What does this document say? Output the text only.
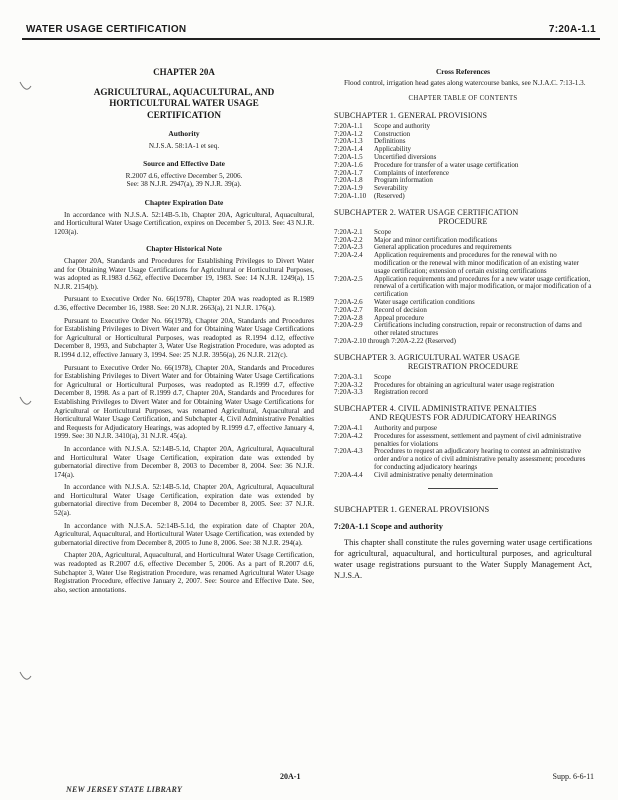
WATER USAGE CERTIFICATION	7:20A-1.1
CHAPTER 20A
AGRICULTURAL, AQUACULTURAL, AND
HORTICULTURAL WATER USAGE
CERTIFICATION
Authority
N.J.S.A. 58:1A-1 et seq.
Source and Effective Date
R.2007 d.6, effective December 5, 2006.
See: 38 N.J.R. 2947(a), 39 N.J.R. 39(a).
Chapter Expiration Date

In accordance with N.J.S.A. 52:14B-5.1b, Chapter 20A, Agricultural, Aquacultural, and Horticultural Water Usage Certification, expires on December 5, 2013. See: 43 N.J.R. 1203(a).

Chapter Historical Note

Chapter 20A, Standards and Procedures for Establishing Privileges to Divert Water and for Obtaining Water Usage Certifications for Agricultural or Horticultural Purposes, was adopted as R.1983 d.562, effective December 19, 1983. See: 14 N.J.R. 1249(a), 15 N.J.R. 2154(b).

Pursuant to Executive Order No. 66(1978), Chapter 20A was readopted as R.1989 d.36, effective December 16, 1988. See: 20 N.J.R. 2663(a), 21 N.J.R. 176(a).

Pursuant to Executive Order No. 66(1978), Chapter 20A, Standards and Procedures for Establishing Privileges to Divert Water and for Obtaining Water Usage Certifications for Agricultural or Horticultural Purposes, was readopted as R.1994 d.12, effective December 8, 1993, and Subchapter 3, Water Use Registration Procedure, was adopted as R.1994 d.12, effective January 3, 1994. See: 25 N.J.R. 3956(a), 26 N.J.R. 212(c).

Pursuant to Executive Order No. 66(1978), Chapter 20A, Standards and Procedures for Establishing Privileges to Divert Water and for Obtaining Water Usage Certifications for Agricultural or Horticultural Purposes, was readopted as R.1999 d.7, effective December 8, 1998. As a part of R.1999 d.7, Chapter 20A, Standards and Procedures for Establishing Privileges to Divert Water and for Obtaining Water Usage Certifications for Agricultural or Horticultural Purposes, was renamed Agricultural, Aquacultural and Horticultural Water Usage Certification, and Subchapter 4, Civil Administrative Penalties and Requests for Adjudicatory Hearings, was adopted by R.1999 d.7, effective January 4, 1999. See: 30 N.J.R. 3410(a), 31 N.J.R. 45(a).

In accordance with N.J.S.A. 52:14B-5.1d, Chapter 20A, Agricultural, Aquacultural and Horticultural Water Usage Certification, expiration date was extended by gubernatorial directive from December 8, 2003 to December 8, 2004. See: 36 N.J.R. 174(a).

In accordance with N.J.S.A. 52:14B-5.1d, Chapter 20A, Agricultural, Aquacultural and Horticultural Water Usage Certification, expiration date was extended by gubernatorial directive from December 8, 2004 to December 8, 2005. See: 37 N.J.R. 52(a).

In accordance with N.J.S.A. 52:14B-5.1d, the expiration date of Chapter 20A, Agricultural, Aquacultural, and Horticultural Water Usage Certification, was extended by gubernatorial directive from December 8, 2005 to June 8, 2006. See: 38 N.J.R. 294(a).

Chapter 20A, Agricultural, Aquacultural, and Horticultural Water Usage Certification, was readopted as R.2007 d.6, effective December 5, 2006. As a part of R.2007 d.6, Subchapter 3, Water Use Registration Procedure, was renamed Agricultural Water Usage Registration Procedure, effective January 2, 2007. See: Source and Effective Date. See, also, section annotations.

Cross References

Flood control, irrigation head gates along watercourse banks, see N.J.A.C. 7:13-1.3.

CHAPTER TABLE OF CONTENTS
SUBCHAPTER 1. GENERAL PROVISIONS
7:20A-1.1	Scope and authority
7:20A-1.2	Construction
7:20A-1.3	Definitions
7:20A-1.4	Applicability
7:20A-1.5	Uncertified diversions
7:20A-1.6	Procedure for transfer of a water usage certification
7:20A-1.7	Complaints of interference
7:20A-1.8	Program information
7:20A-1.9	Severability
7:20A-1.10	(Reserved)
SUBCHAPTER 2. WATER USAGE CERTIFICATION
PROCEDURE
7:20A-2.1	Scope
7:20A-2.2	Major and minor certification modifications
7:20A-2.3	General application procedures and requirements
7:20A-2.4	Application requirements and procedures for the renewal with no modification or the renewal with minor modification of an existing water usage certification; extension of certain existing certifications
7:20A-2.5	Application requirements and procedures for a new water usage certification, renewal of a certification with major modification, or major modification of a certification
7:20A-2.6	Water usage certification conditions
7:20A-2.7	Record of decision
7:20A-2.8	Appeal procedure
7:20A-2.9	Certifications including construction, repair or reconstruction of dams and other related structures
7:20A-2.10 through 7:20A-2.22 (Reserved)
SUBCHAPTER 3. AGRICULTURAL WATER USAGE
REGISTRATION PROCEDURE
7:20A-3.1	Scope
7:20A-3.2	Procedures for obtaining an agricultural water usage registration
7:20A-3.3	Registration record
SUBCHAPTER 4. CIVIL ADMINISTRATIVE PENALTIES
AND REQUESTS FOR ADJUDICATORY HEARINGS
7:20A-4.1	Authority and purpose
7:20A-4.2	Procedures for assessment, settlement and payment of civil administrative penalties for violations
7:20A-4.3	Procedures to request an adjudicatory hearing to contest an administrative order and/or a notice of civil administrative penalty assessment; procedures for conducting adjudicatory hearings
7:20A-4.4	Civil administrative penalty determination
SUBCHAPTER 1. GENERAL PROVISIONS
7:20A-1.1 Scope and authority
This chapter shall constitute the rules governing water usage certifications for agricultural, aquacultural, and horticultural purposes, and agricultural water usage registrations pursuant to the Water Supply Management Act, N.J.S.A.
20A-1	Supp. 6-6-11
NEW JERSEY STATE LIBRARY
